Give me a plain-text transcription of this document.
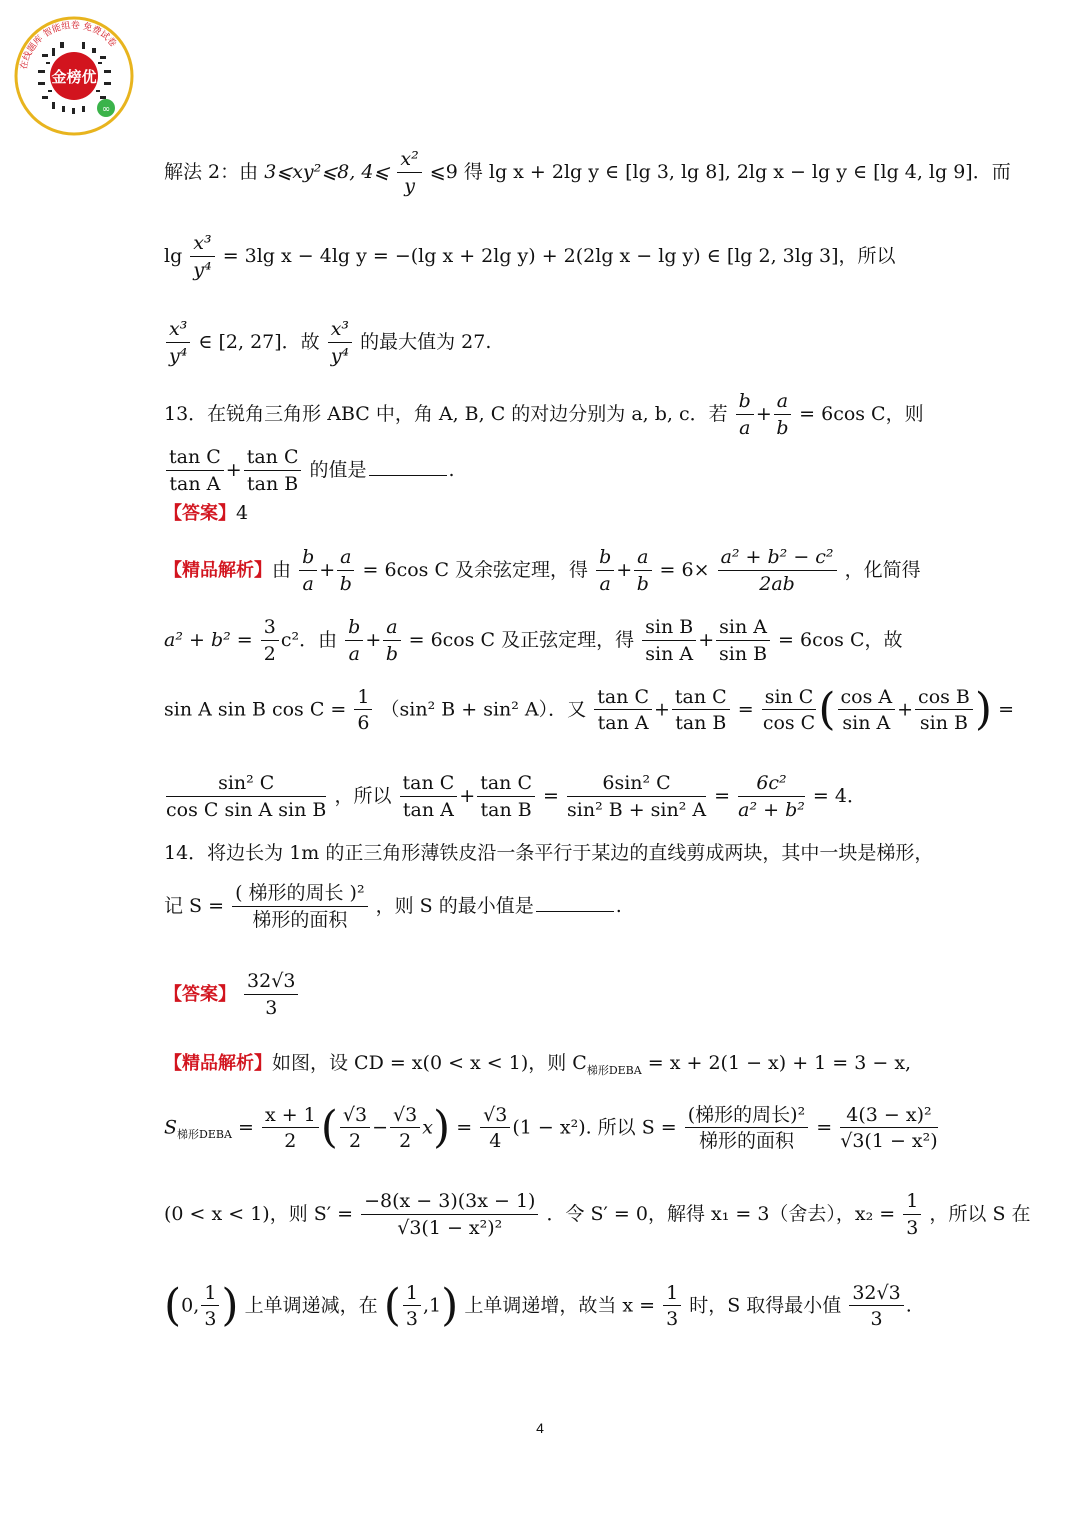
金榜优
∞
在线题库 智能组卷 免费试卷
解法 2：由 3⩽xy²⩽8, 4⩽ $\frac{\text{x²}}{y}$ ⩽9 得 lg x + 2lg y ∈ [lg 3, lg 8], 2lg x − lg y ∈ [lg 4, lg 9]．而
$\lg \frac{\text{x³}}{\text{y⁴}} = 3\lg$ x − 4lg y = −(lg x + 2lg y) + 2(2lg x − lg y) ∈ [lg 2, 3lg 3]，所以
$\frac{\text{x³}}{\text{y⁴}}$ ∈ [2, 27]．故 $\frac{\text{x³}}{\text{y⁴}}$ 的最大值为 27.
13．在锐角三角形 ABC 中，角 A, B, C 的对边分别为 a, b, c．若 $\frac{b}{a} + \frac{a}{b} = 6\cos$ C，则
$\frac{\text{tan C}}{\text{tan A}} + \frac{\text{tan C}}{\text{tan B}}$ 的值是	.
【答案】4
【精品解析】由 $\frac{b}{a} + \frac{a}{b} = 6\cos$ C 及余弦定理，得 $\frac{b}{a} + \frac{a}{b} = 6\times \frac{\text{a² + b² − c²}}{2ab}$ ，化简得
$a^2 + b^2 = \frac{3}{2} c^2$．由 $\frac{b}{a} + \frac{a}{b} = 6\cos$ C 及正弦定理，得 $\frac{\text{sin B}}{\text{sin A}} + \frac{\text{sin A}}{\text{sin B}} = 6\cos$ C，故
sin A sin B $\cos C = \frac{1}{6} (\sin^2$ B + sin² A）．又 $\frac{\text{tan C}}{\text{tan A}} + \frac{\text{tan C}}{\text{tan B}} = \frac{\text{sin C}}{\text{cos C}}$ ( $\frac{\text{cos A}}{\text{sin A}} + \frac{\text{cos B}}{\text{sin B}}$ ) =
$\frac{\text{sin² C}}{\text{cos C sin A sin B}}$ ，所以 $\frac{\text{tan C}}{\text{tan A}} + \frac{\text{tan C}}{\text{tan B}} = \frac{\text{6sin² C}}{\text{sin² B + sin² A}} = \frac{\text{6c²}}{\text{a² + b²}} = 4$．
14．将边长为 1m 的正三角形薄铁皮沿一条平行于某边的直线剪成两块，其中一块是梯形，
记 $S = \frac{\text{( 梯形的周长 )²}}{\text{梯形的面积}}$ ，则 S 的最小值是	.
【答案】 $\frac{32√3}{3}$
【精品解析】如图，设 CD = x(0 < x < 1)，则 $C_{梯形DEBA} = x + 2(1 - x) + 1 = 3 - x$,
$S_{梯形DEBA} = \frac{x + 1}{2}$ ( $\frac{√3}{2} - \frac{√3}{2} x) = \frac{√3}{4} (1 - x^2)$. 所以 $S = \frac{\text{(梯形的周长)²}}{\text{梯形的面积}} = \frac{\text{4(3 − x)²}}{\text{√3(1 − x²)}}$
(0 < x < 1)，则 $S' = \frac{-8(x - 3)(3x - 1)}{\text{√3(1 − x²)²}}$ ．令 S′ = 0，解得 x₁ = 3（舍去），$x_2 = \frac{1}{3}$ ，所以 S 在
(0, $\frac{1}{3}$ ) 上单调递减，在 ( $\frac{1}{3} ,1$) 上单调递增，故当 $x = \frac{1}{3}$ 时，S 取得最小值 $\frac{32√3}{3}$ .
4
